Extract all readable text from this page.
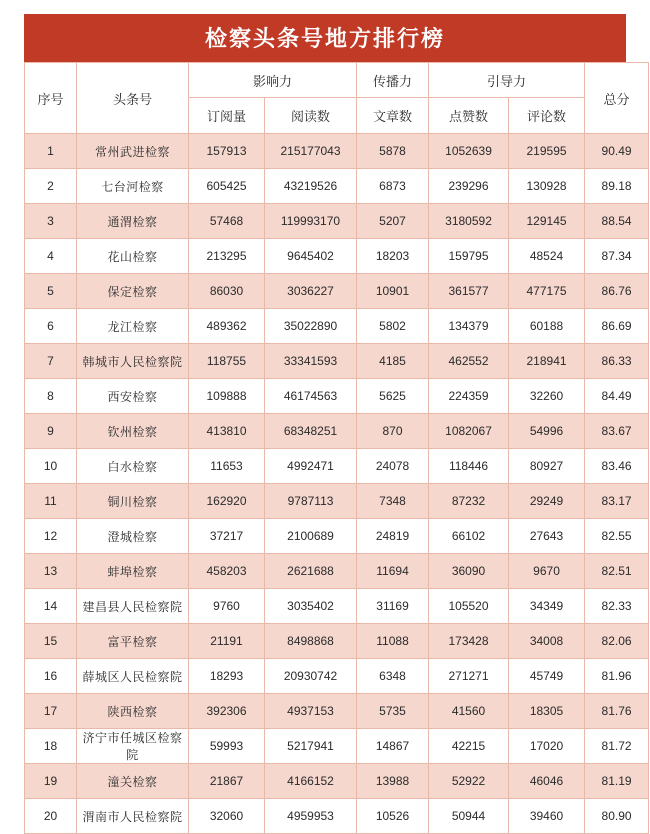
检察头条号地方排行榜
序号	头条号	影响力		传播力	引导力		总分
		订阅量	阅读数	文章数	点赞数	评论数	
1	常州武进检察	157913	215177043	5878	1052639	219595	90.49
2	七台河检察	605425	43219526	6873	239296	130928	89.18
3	通渭检察	57468	119993170	5207	3180592	129145	88.54
4	花山检察	213295	9645402	18203	159795	48524	87.34
5	保定检察	86030	3036227	10901	361577	477175	86.76
6	龙江检察	489362	35022890	5802	134379	60188	86.69
7	韩城市人民检察院	118755	33341593	4185	462552	218941	86.33
8	西安检察	109888	46174563	5625	224359	32260	84.49
9	钦州检察	413810	68348251	870	1082067	54996	83.67
10	白水检察	11653	4992471	24078	118446	80927	83.46
11	铜川检察	162920	9787113	7348	87232	29249	83.17
12	澄城检察	37217	2100689	24819	66102	27643	82.55
13	蚌埠检察	458203	2621688	11694	36090	9670	82.51
14	建昌县人民检察院	9760	3035402	31169	105520	34349	82.33
15	富平检察	21191	8498868	11088	173428	34008	82.06
16	薛城区人民检察院	18293	20930742	6348	271271	45749	81.96
17	陕西检察	392306	4937153	5735	41560	18305	81.76
18	济宁市任城区检察院	59993	5217941	14867	42215	17020	81.72
19	潼关检察	21867	4166152	13988	52922	46046	81.19
20	渭南市人民检察院	32060	4959953	10526	50944	39460	80.90
